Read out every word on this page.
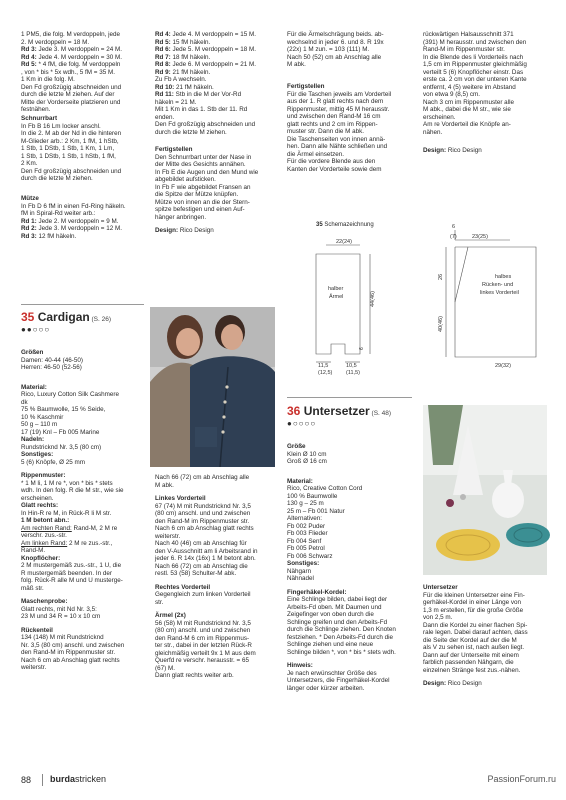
1 PM5, die folg. M verdoppeln, jede

2. M verdoppeln = 18 M.

Rd 3: Jede 3. M verdoppeln = 24 M.

Rd 4: Jede 4. M verdoppeln = 30 M.

Rd 5: * 4 fM, die folg. M verdoppeln

, von * bis * 5x wdh., 5 fM = 35 M.

1 Km in die folg. M.

Den Fd großzügig abschneiden und

durch die letzte M ziehen. Auf der

Mitte der Vorderseite platzieren und

festnähen.

Schnurrbart

In Fb B 16 Lm locker anschl.

In die 2. M ab der Nd in die hinteren

M-Glieder arb.: 2 Km, 1 fM, 1 hStb,

1 Stb, 1 DStb, 1 Stb, 1 Km, 1 Lm,

1 Stb, 1 DStb, 1 Stb, 1 hStb, 1 fM,

2 Km.

Den Fd großzügig abschneiden und

durch die letzte M ziehen.

Mütze

In Fb D 6 fM in einen Fd-Ring häkeln.

fM in Spiral-Rd weiter arb.:

Rd 1: Jede 2. M verdoppeln = 9 M.

Rd 2: Jede 3. M verdoppeln = 12 M.

Rd 3: 12 fM häkeln.

Rd 4: Jede 4. M verdoppeln = 15 M.

Rd 5: 15 fM häkeln.

Rd 6: Jede 5. M verdoppeln = 18 M.

Rd 7: 18 fM häkeln.

Rd 8: Jede 6. M verdoppeln = 21 M.

Rd 9: 21 fM häkeln.

Zu Fb A wechseln.

Rd 10: 21 fM häkeln.

Rd 11: Stb in die M der Vor-Rd

häkeln = 21 M.

Mit 1 Km in das 1. Stb der 11. Rd

enden.

Den Fd großzügig abschneiden und

durch die letzte M ziehen.

Fertigstellen

Den Schnurrbart unter der Nase in

der Mitte des Gesichts annähen.

In Fb E die Augen und den Mund wie

abgebildet aufsticken.

In Fb F wie abgebildet Fransen an

die Spitze der Mütze knüpfen.

Mütze von innen an die der Stern-

spitze befestigen und einen Auf-

hänger anbringen.

Design: Rico Design

Für die Ärmelschrägung beids. ab-

wechselnd in jeder 6. und 8. R 19x

(22x) 1 M zun. = 103 (111) M.

Nach 50 (52) cm ab Anschlag alle

M abk.

Fertigstellen

Für die Taschen jeweils am Vorderteil

aus der 1. R glatt rechts nach dem

Rippenmuster, mittig 45 M herausstr.

und zwischen den Rand-M 16 cm

glatt rechts und 2 cm im Rippen-

muster str. Dann die M abk.

Die Taschenseiten von innen annä-

hen. Dann alle Nähte schließen und

die Ärmel einsetzen.

Für die vordere Blende aus den

Kanten der Vorderteile sowie dem

rückwärtigen Halsausschnitt 371

(391) M herausstr. und zwischen den

Rand-M im Rippenmuster str.

In die Blende des li Vorderteils nach

1,5 cm im Rippenmuster gleichmäßig

verteilt 5 (6) Knopflöcher einstr. Das

erste ca. 2 cm von der unteren Kante

entfernt, 4 (5) weitere im Abstand

von etwa 9 (8,5) cm.

Nach 3 cm im Rippenmuster alle

M abk., dabei die M str., wie sie

erscheinen.

Am re Vorderteil die Knöpfe an-

nähen.

Design: Rico Design

35 Schemazeichnung
22(24)
halber
Ärmel	44(46)
6
11,5
(12,5)
10,5
(11,5)
6
(7)	23(25)
26
40(46)
halbes
Rücken- und
linkes Vorderteil
29(32)
35 Cardigan (S. 26)
●●○○○

Größen

Damen: 40-44 (46-50)

Herren: 46-50 (52-56)

Material:

Rico, Luxury Cotton Silk Cashmere

dk

75 % Baumwolle, 15 % Seide,

10 % Kaschmir

50 g – 110 m

17 (19) Knl – Fb 005 Marine

Nadeln:

Rundstricknd Nr. 3,5 (80 cm)

Sonstiges:

5 (6) Knöpfe, Ø 25 mm

Rippenmuster:

* 1 M li, 1 M re *, von * bis * stets

wdh. In den folg. R die M str., wie sie

erscheinen.

Glatt rechts:

In Hin-R re M, in Rück-R li M str.

1 M betont abn.:

Am rechten Rand: Rand-M, 2 M re

verschr. zus.-str.

Am linken Rand: 2 M re zus.-str.,

Rand-M.

Knopflöcher:

2 M mustergemäß zus.-str., 1 U, die

R mustergemäß beenden. In der

folg. Rück-R alle M und U musterge-

mäß str.

Maschenprobe:

Glatt rechts, mit Nd Nr. 3,5:

23 M und 34 R = 10 x 10 cm

Rückenteil

134 (148) M mit Rundstricknd

Nr. 3,5 (80 cm) anschl. und zwischen

den Rand-M im Rippenmuster str.

Nach 6 cm ab Anschlag glatt rechts

weiterstr.

Nach 66 (72) cm ab Anschlag alle

M abk.

Linkes Vorderteil

67 (74) M mit Rundstricknd Nr. 3,5

(80 cm) anschl. und und zwischen

den Rand-M im Rippenmuster str.

Nach 6 cm ab Anschlag glatt rechts

weiterstr.

Nach 40 (46) cm ab Anschlag für

den V-Ausschnitt am li Arbeitsrand in

jeder 6. R 14x (16x) 1 M betont abn.

Nach 66 (72) cm ab Anschlag die

restl. 53 (58) Schulter-M abk.

Rechtes Vorderteil

Gegengleich zum linken Vorderteil

str.

Ärmel (2x)

56 (58) M mit Rundstricknd Nr. 3,5

(80 cm) anschl. und und zwischen

den Rand-M 6 cm im Rippenmus-

ter str., dabei in der letzten Rück-R

gleichmäßig verteilt 9x 1 M aus dem

Querfd re verschr. herausstr. = 65

(67) M.

Dann glatt rechts weiter arb.

36 Untersetzer (S. 48)
●○○○○

Größe

Klein Ø 10 cm

Groß Ø 16 cm

Material:

Rico, Creative Cotton Cord

100 % Baumwolle

130 g – 25 m

25 m – Fb 001 Natur

Alternativen:

Fb 002 Puder

Fb 003 Flieder

Fb 004 Senf

Fb 005 Petrol

Fb 006 Schwarz

Sonstiges:

Nähgarn

Nähnadel

Fingerhäkel-Kordel:

Eine Schlinge bilden, dabei liegt der

Arbeits-Fd oben. Mit Daumen und

Zeigefinger von oben durch die

Schlinge greifen und den Arbeits-Fd

durch die Schlinge ziehen. Den Knoten

festziehen. * Den Arbeits-Fd durch die

Schlinge ziehen und eine neue

Schlinge bilden *, von * bis * stets wdh.

Hinweis:

Je nach erwünschter Größe des

Untersetzers, die Fingerhäkel-Kordel

länger oder kürzer arbeiten.

Untersetzer

Für die kleinen Untersetzer eine Fin-

gerhäkel-Kordel in einer Länge von

1,3 m erstellen, für die große Größe

von 2,5 m.

Dann die Kordel zu einer flachen Spi-

rale legen. Dabei darauf achten, dass

die Seite der Kordel auf der die M

als V zu sehen ist, nach außen liegt.

Dann auf der Unterseite mit einem

farblich passenden Nähgarn, die

einzelnen Stränge fest zus.-nähen.

Design: Rico Design

88 burdastricken	PassionForum.ru
